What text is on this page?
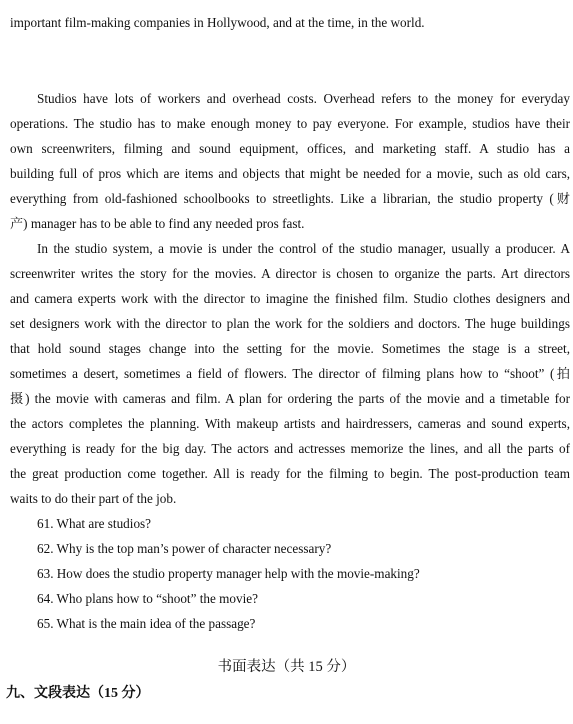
important film-making companies in Hollywood, and at the time, in the world.
Studios have lots of workers and overhead costs. Overhead refers to the money for everyday
operations. The studio has to make enough money to pay everyone. For example, studios have their
own screenwriters, filming and sound equipment, offices, and marketing staff. A studio has a
building full of pros which are items and objects that might be needed for a movie, such as old cars,
everything from old-fashioned schoolbooks to streetlights. Like a librarian, the studio property (财
产) manager has to be able to find any needed pros fast.
In the studio system, a movie is under the control of the studio manager, usually a producer. A
screenwriter writes the story for the movies. A director is chosen to organize the parts. Art directors
and camera experts work with the director to imagine the finished film. Studio clothes designers and
set designers work with the director to plan the work for the soldiers and doctors. The huge buildings
that hold sound stages change into the setting for the movie. Sometimes the stage is a street,
sometimes a desert, sometimes a field of flowers. The director of filming plans how to “shoot” (拍
摄) the movie with cameras and film. A plan for ordering the parts of the movie and a timetable for
the actors completes the planning. With makeup artists and hairdressers, cameras and sound experts,
everything is ready for the big day. The actors and actresses memorize the lines, and all the parts of
the great production come together. All is ready for the filming to begin. The post-production team
waits to do their part of the job.
61. What are studios?
62. Why is the top man’s power of character necessary?
63. How does the studio property manager help with the movie-making?
64. Who plans how to “shoot” the movie?
65. What is the main idea of the passage?
书面表达（共 15 分）
九、文段表达（15 分）
